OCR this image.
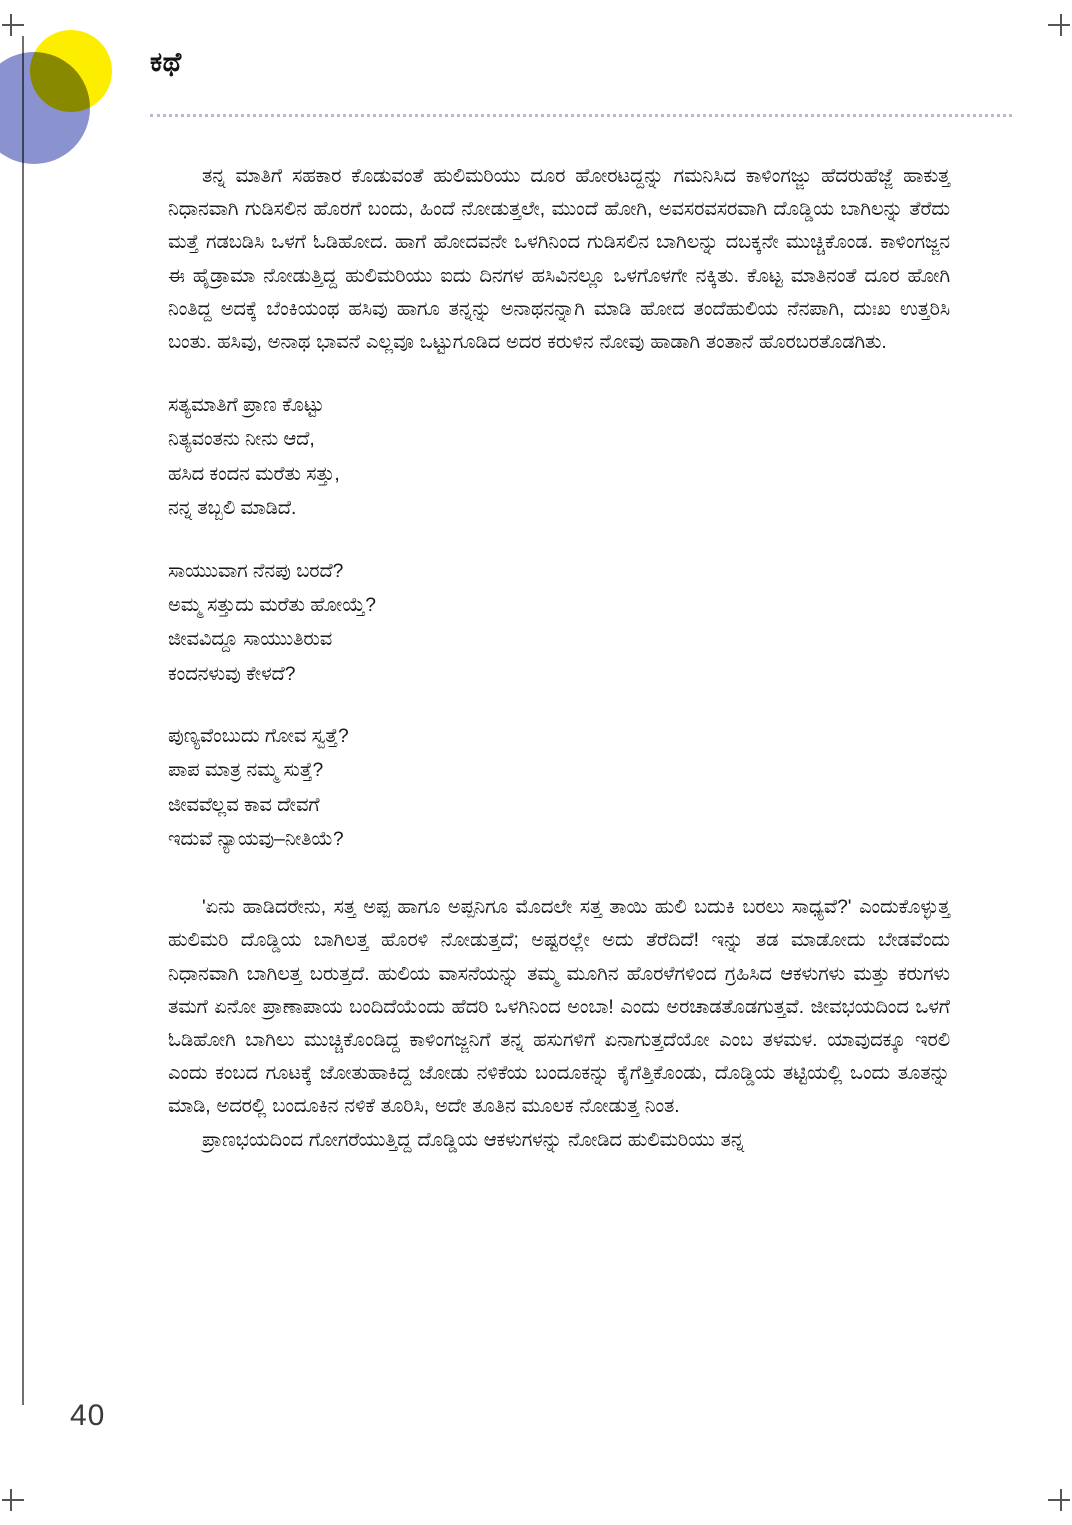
ಕಥೆ

ತನ್ನ ಮಾತಿಗೆ ಸಹಕಾರ ಕೊಡುವಂತೆ ಹುಲಿಮರಿಯು ದೂರ ಹೋರಟದ್ದನ್ನು ಗಮನಿಸಿದ ಕಾಳಿಂಗಜ್ಜು ಹೆದರುಹೆಜ್ಜೆ ಹಾಕುತ್ತ ನಿಧಾನವಾಗಿ ಗುಡಿಸಲಿನ ಹೊರಗೆ ಬಂದು, ಹಿಂದೆ ನೋಡುತ್ತಲೇ, ಮುಂದೆ ಹೋಗಿ, ಅವಸರವಸರವಾಗಿ ದೊಡ್ಡಿಯ ಬಾಗಿಲನ್ನು ತೆರೆದು ಮತ್ತೆ ಗಡಬಡಿಸಿ ಒಳಗೆ ಓಡಿಹೋದ. ಹಾಗೆ ಹೋದವನೇ ಒಳಗಿನಿಂದ ಗುಡಿಸಲಿನ ಬಾಗಿಲನ್ನು ದಬಕ್ಕನೇ ಮುಚ್ಚಿಕೊಂಡ. ಕಾಳಿಂಗಜ್ಜನ ಈ ಹೈಡ್ರಾಮಾ ನೋಡುತ್ತಿದ್ದ ಹುಲಿಮರಿಯು ಐದು ದಿನಗಳ ಹಸಿವಿನಲ್ಲೂ ಒಳಗೊಳಗೇ ನಕ್ಕಿತು. ಕೊಟ್ಟ ಮಾತಿನಂತೆ ದೂರ ಹೋಗಿ ನಿಂತಿದ್ದ ಅದಕ್ಕೆ ಬೆಂಕಿಯಂಥ ಹಸಿವು ಹಾಗೂ ತನ್ನನ್ನು ಅನಾಥನನ್ನಾಗಿ ಮಾಡಿ ಹೋದ ತಂದೆಹುಲಿಯ ನೆನಪಾಗಿ, ದುಃಖ ಉತ್ತರಿಸಿ ಬಂತು. ಹಸಿವು, ಅನಾಥ ಭಾವನೆ ಎಲ್ಲವೂ ಒಟ್ಟುಗೂಡಿದ ಅದರ ಕರುಳಿನ ನೋವು ಹಾಡಾಗಿ ತಂತಾನೆ ಹೊರಬರತೊಡಗಿತು.

ಸತ್ಯಮಾತಿಗೆ ಪ್ರಾಣ ಕೊಟ್ಟು
ನಿತ್ಯವಂತನು ನೀನು ಆದೆ,
ಹಸಿದ ಕಂದನ ಮರೆತು ಸತ್ತು,
ನನ್ನ ತಬ್ಬಲಿ ಮಾಡಿದೆ.
ಸಾಯುುವಾಗ ನೆನಪು ಬರದೆ?
ಅಮ್ಮ ಸತ್ತುದು ಮರೆತು ಹೋಯ್ತೆ?
ಜೀವವಿದ್ದೂ ಸಾಯುುತಿರುವ
ಕಂದನಳುವು ಕೇಳದೆ?
ಪುಣ್ಯವೆಂಬುದು ಗೋವ ಸ್ವತ್ತೆ?
ಪಾಪ ಮಾತ್ರ ನಮ್ಮ ಸುತ್ತೆ?
ಜೀವವೆಲ್ಲವ ಕಾವ ದೇವಗೆ
ಇದುವೆ ನ್ಯಾಯವು–ನೀತಿಯೆ?

'ಏನು ಹಾಡಿದರೇನು, ಸತ್ತ ಅಪ್ಪ ಹಾಗೂ ಅಪ್ಪನಿಗೂ ಮೊದಲೇ ಸತ್ತ ತಾಯಿ ಹುಲಿ ಬದುಕಿ ಬರಲು ಸಾಧ್ಯವೆ?' ಎಂದುಕೊಳ್ಳುತ್ತ ಹುಲಿಮರಿ ದೊಡ್ಡಿಯ ಬಾಗಿಲತ್ತ ಹೊರಳಿ ನೋಡುತ್ತದೆ; ಅಷ್ಟರಲ್ಲೇ ಅದು ತೆರೆದಿದೆ! ಇನ್ನು ತಡ ಮಾಡೋದು ಬೇಡವೆಂದು ನಿಧಾನವಾಗಿ ಬಾಗಿಲತ್ತ ಬರುತ್ತದೆ. ಹುಲಿಯ ವಾಸನೆಯನ್ನು ತಮ್ಮ ಮೂಗಿನ ಹೊರಳೆಗಳಿಂದ ಗ್ರಹಿಸಿದ ಆಕಳುಗಳು ಮತ್ತು ಕರುಗಳು ತಮಗೆ ಏನೋ ಪ್ರಾಣಾಪಾಯ ಬಂದಿದೆಯೆಂದು ಹೆದರಿ ಒಳಗಿನಿಂದ ಅಂಬಾ! ಎಂದು ಅರಚಾಡತೊಡಗುತ್ತವೆ. ಜೀವಭಯದಿಂದ ಒಳಗೆ ಓಡಿಹೋಗಿ ಬಾಗಿಲು ಮುಚ್ಚಿಕೊಂಡಿದ್ದ ಕಾಳಿಂಗಜ್ಜನಿಗೆ ತನ್ನ ಹಸುಗಳಿಗೆ ಏನಾಗುತ್ತದೆಯೋ ಎಂಬ ತಳಮಳ. ಯಾವುದಕ್ಕೂ ಇರಲಿ ಎಂದು ಕಂಬದ ಗೂಟಕ್ಕೆ ಜೋತುಹಾಕಿದ್ದ ಜೋಡು ನಳಿಕೆಯ ಬಂದೂಕನ್ನು ಕೈಗೆತ್ತಿಕೊಂಡು, ದೊಡ್ಡಿಯ ತಟ್ಟಿಯಲ್ಲಿ ಒಂದು ತೂತನ್ನು ಮಾಡಿ, ಅದರಲ್ಲಿ ಬಂದೂಕಿನ ನಳಿಕೆ ತೂರಿಸಿ, ಅದೇ ತೂತಿನ ಮೂಲಕ ನೋಡುತ್ತ ನಿಂತ.

ಪ್ರಾಣಭಯದಿಂದ ಗೋಗರೆಯುತ್ತಿದ್ದ ದೊಡ್ಡಿಯ ಆಕಳುಗಳನ್ನು ನೋಡಿದ ಹುಲಿಮರಿಯು ತನ್ನ

40
